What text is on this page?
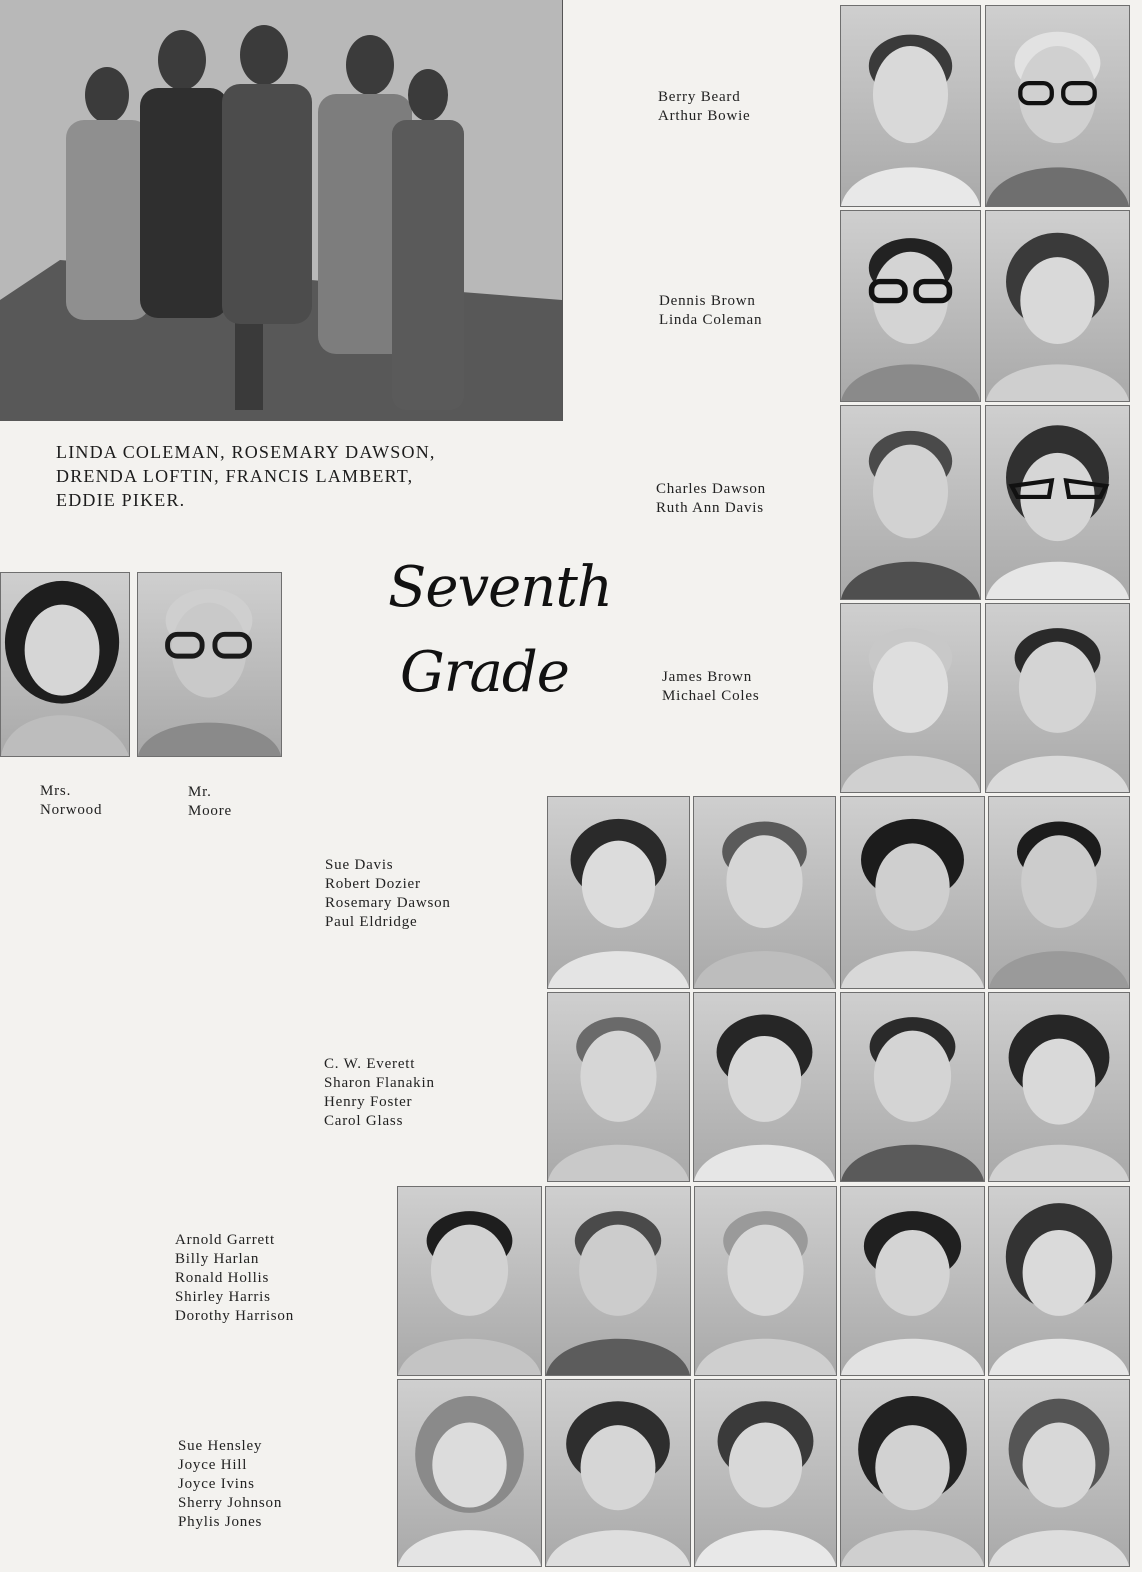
LINDA COLEMAN, ROSEMARY DAWSON,
DRENDA LOFTIN, FRANCIS LAMBERT,
EDDIE PIKER.
Seventh
Grade
Mrs.
Norwood
Mr.
Moore
Berry Beard
Arthur Bowie
Dennis Brown
Linda Coleman
Charles Dawson
Ruth Ann Davis
James Brown
Michael Coles
Sue Davis
Robert Dozier
Rosemary Dawson
Paul Eldridge
C. W. Everett
Sharon Flanakin
Henry Foster
Carol Glass
Arnold Garrett
Billy Harlan
Ronald Hollis
Shirley Harris
Dorothy Harrison
Sue Hensley
Joyce Hill
Joyce Ivins
Sherry Johnson
Phylis Jones
